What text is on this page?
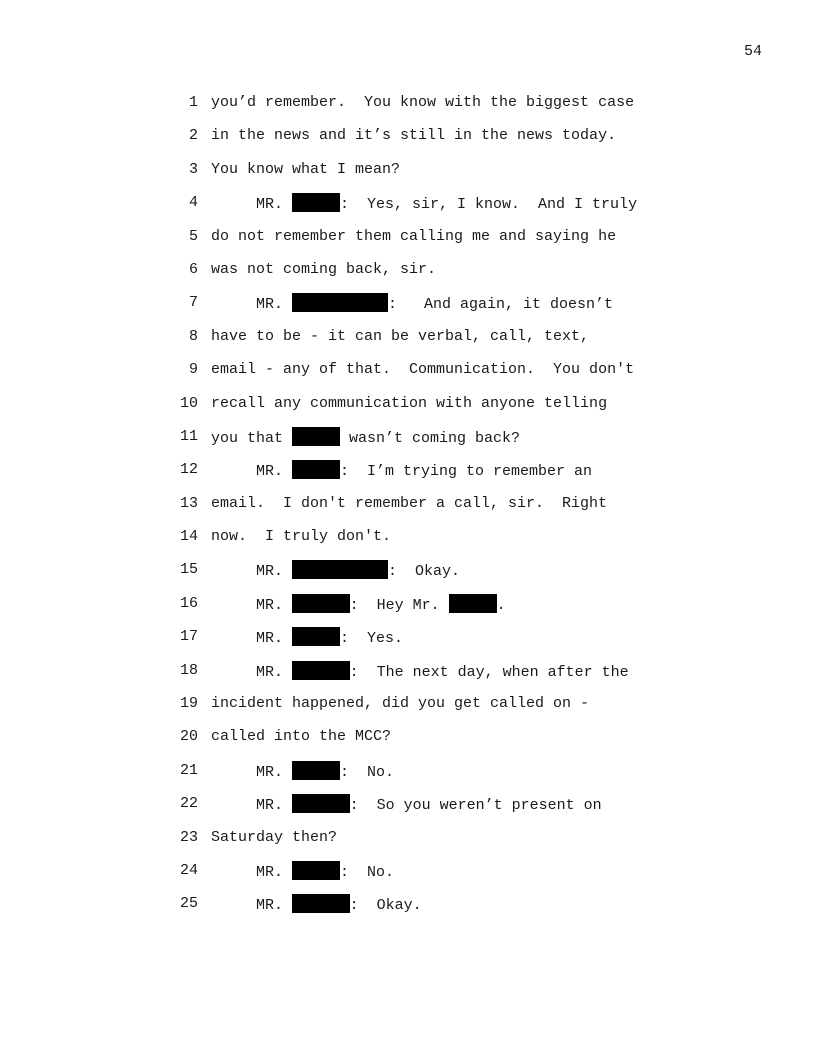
54
1 you’d remember.  You know with the biggest case
2 in the news and it’s still in the news today.
3 You know what I mean?
4 MR.	:  Yes, sir, I know.  And I truly
5 do not remember them calling me and saying he
6 was not coming back, sir.
7 MR.	:   And again, it doesn’t
8 have to be - it can be verbal, call, text,
9 email - any of that.  Communication.  You don't
10 recall any communication with anyone telling
11 you that	wasn’t coming back?
12 MR.	:  I’m trying to remember an
13 email.  I don't remember a call, sir.  Right
14 now.  I truly don't.
15 MR.	:  Okay.
16 MR.	:  Hey Mr.	.
17 MR.	:  Yes.
18 MR.	:  The next day, when after the
19 incident happened, did you get called on -
20 called into the MCC?
21 MR.	:  No.
22 MR.	:  So you weren’t present on
23 Saturday then?
24 MR.	:  No.
25 MR.	:  Okay.
